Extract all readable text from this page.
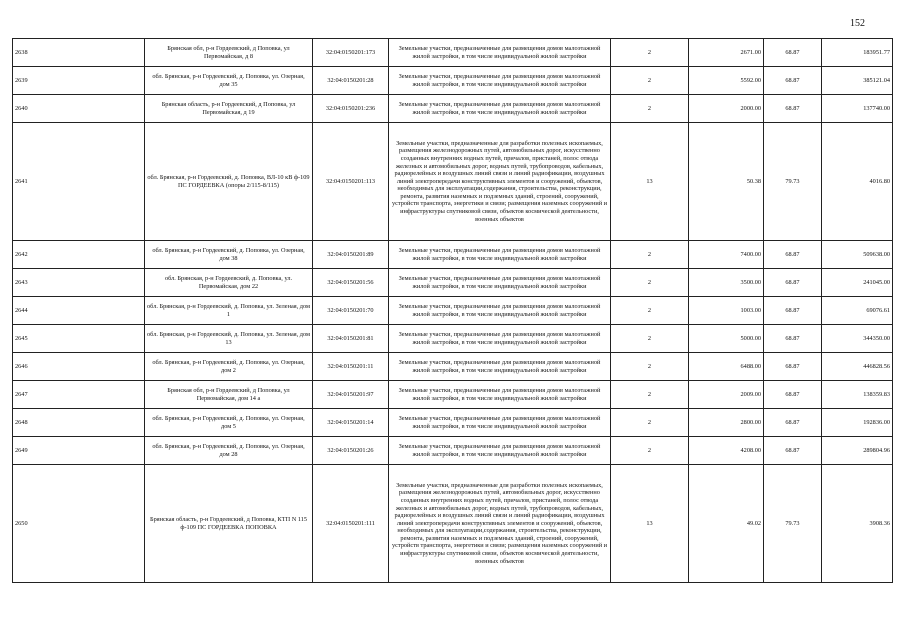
152
2638	Брянская обл, р-н Гордеевский, д Поповка, ул Первомайская, д 8	32:04:0150201:173	Земельные участки, предназначенные для размещения домов малоэтажной жилой застройки, в том числе индивидуальной жилой застройки	2	2671.00	68.87	183951.77
2639	обл. Брянская, р-н Гордеевский, д. Поповка, ул. Озерная, дом 35	32:04:0150201:28	Земельные участки, предназначенные для размещения домов малоэтажной жилой застройки, в том числе индивидуальной жилой застройки	2	5592.00	68.87	385121.04
2640	Брянская область, р-н Гордеевский, д Поповка, ул Первомайская, д 19	32:04:0150201:236	Земельные участки, предназначенные для размещения домов малоэтажной жилой застройки, в том числе индивидуальной жилой застройки	2	2000.00	68.87	137740.00
2641	обл. Брянская, р-н Гордеевский, д. Поповка, ВЛ-10 кВ ф-109 ПС ГОРДЕЕВКА (опоры 2/115-8/115)	32:04:0150201:113	Земельные участки, предназначенные для разработки полезных ископаемых, размещения железнодорожных путей, автомобильных дорог, искусственно созданных внутренних водных путей, причалов, пристаней, полос отвода железных и автомобильных дорог, водных путей, трубопроводов, кабельных, радиорелейных и воздушных линий связи и линий радиофикации, воздушных линий электропередачи конструктивных элементов и сооружений, объектов, необходимых для эксплуатации,содержания, строительства, реконструкции, ремонта, развития наземных и подземных зданий, строений, сооружений, устройств транспорта, энергетики и связи; размещения наземных сооружений и инфраструктуры спутниковой связи, объектов космической деятельности, военных объектов	13	50.38	79.73	4016.80
2642	обл. Брянская, р-н Гордеевский, д. Поповка, ул. Озерная, дом 38	32:04:0150201:89	Земельные участки, предназначенные для размещения домов малоэтажной жилой застройки, в том числе индивидуальной жилой застройки	2	7400.00	68.87	509638.00
2643	обл. Брянская, р-н Гордеевский, д. Поповка, ул. Первомайская, дом 22	32:04:0150201:56	Земельные участки, предназначенные для размещения домов малоэтажной жилой застройки, в том числе индивидуальной жилой застройки	2	3500.00	68.87	241045.00
2644	обл. Брянская, р-н Гордеевский, д. Поповка, ул. Зеленая, дом 1	32:04:0150201:70	Земельные участки, предназначенные для размещения домов малоэтажной жилой застройки, в том числе индивидуальной жилой застройки	2	1003.00	68.87	69076.61
2645	обл. Брянская, р-н Гордеевский, д. Поповка, ул. Зеленая, дом 13	32:04:0150201:81	Земельные участки, предназначенные для размещения домов малоэтажной жилой застройки, в том числе индивидуальной жилой застройки	2	5000.00	68.87	344350.00
2646	обл. Брянская, р-н Гордеевский, д. Поповка, ул. Озерная, дом 2	32:04:0150201:11	Земельные участки, предназначенные для размещения домов малоэтажной жилой застройки, в том числе индивидуальной жилой застройки	2	6488.00	68.87	446828.56
2647	Брянская обл, р-н Гордеевский, д Поповка, ул Первомайская, дом 14 а	32:04:0150201:97	Земельные участки, предназначенные для размещения домов малоэтажной жилой застройки, в том числе индивидуальной жилой застройки	2	2009.00	68.87	138359.83
2648	обл. Брянская, р-н Гордеевский, д. Поповка, ул. Озерная, дом 5	32:04:0150201:14	Земельные участки, предназначенные для размещения домов малоэтажной жилой застройки, в том числе индивидуальной жилой застройки	2	2800.00	68.87	192836.00
2649	обл. Брянская, р-н Гордеевский, д. Поповка, ул. Озерная, дом 28	32:04:0150201:26	Земельные участки, предназначенные для размещения домов малоэтажной жилой застройки, в том числе индивидуальной жилой застройки	2	4208.00	68.87	289804.96
2650	Брянская область, р-н Гордеевский, д Поповка, КТП N 115 ф-109 ПС ГОРДЕЕВКА ПОПОВКА	32:04:0150201:111	Земельные участки, предназначенные для разработки полезных ископаемых, размещения железнодорожных путей, автомобильных дорог, искусственно созданных внутренних водных путей, причалов, пристаней, полос отвода железных и автомобильных дорог, водных путей, трубопроводов, кабельных, радиорелейных и воздушных линий связи и линий радиофикации, воздушных линий электропередачи конструктивных элементов и сооружений, объектов, необходимых для эксплуатации,содержания, строительства, реконструкции, ремонта, развития наземных и подземных зданий, строений, сооружений, устройств транспорта, энергетики и связи; размещения наземных сооружений и инфраструктуры спутниковой связи, объектов космической деятельности, военных объектов	13	49.02	79.73	3908.36
